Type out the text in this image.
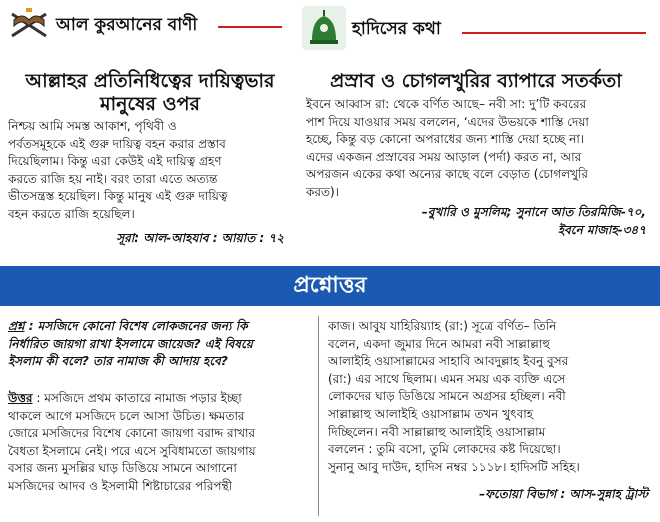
আল কুরআনের বাণী
আল্লাহর প্রতিনিধিত্বের দায়িত্বভার
মানুষের ওপর
নিশ্চয় আমি সমস্ত আকাশ, পৃথিবী ও
পর্বতসমূহকে এই গুরু দায়িত্ব বহন করার প্রস্তাব
দিয়েছিলাম। কিন্তু এরা কেউই এই দায়িত্ব গ্রহণ
করতে রাজি হয় নাই। বরং তারা এতে অত্যন্ত
ভীতসন্ত্রস্ত হয়েছিল। কিন্তু মানুষ এই গুরু দায়িত্ব
বহন করতে রাজি হয়েছিল।
সূরা: আল-আহযাব : আয়াত : ৭২
হাদিসের কথা
প্রস্রাব ও চোগলখুরির ব্যাপারে সতর্কতা
ইবনে আব্বাস রা: থেকে বর্ণিত আছে– নবী সা: দু’টি কবরের
পাশ দিয়ে যাওয়ার সময় বললেন, ‘এদের উভয়কে শাস্তি দেয়া
হচ্ছে, কিন্তু বড় কোনো অপরাধের জন্য শাস্তি দেয়া হচ্ছে না।
এদের একজন প্রস্রাবের সময় আড়াল (পর্দা) করত না, আর
অপরজন একের কথা অন্যের কাছে বলে বেড়াত (চোগলখুরি
করত)।
–বুখারি ও মুসলিম; সুনানে আত তিরমিজি-৭০,
ইবনে মাজাহ-৩৪৭
প্রশ্নোত্তর
প্রশ্ন : মসজিদে কোনো বিশেষ লোকজনের জন্য কি
নির্ধারিত জায়গা রাখা ইসলামে জায়েজ? এই বিষয়ে
ইসলাম কী বলে? তার নামাজ কী আদায় হবে?
উত্তর : মসজিদে প্রথম কাতারে নামাজ পড়ার ইচ্ছা
থাকলে আগে মসজিদে চলে আসা উচিত। ক্ষমতার
জোরে মসজিদের বিশেষ কোনো জায়গা বরাদ্দ রাখার
বৈধতা ইসলামে নেই। পরে এসে সুবিধামতো জায়গায়
বসার জন্য মুসল্লির ঘাড় ডিঙিয়ে সামনে আগানো
মসজিদের আদব ও ইসলামী শিষ্টাচারের পরিপন্থী
কাজ। আবুয যাহিরিয়্যাহ (রা:) সূত্রে বর্ণিত– তিনি
বলেন, একদা জুমার দিনে আমরা নবী সাল্লাল্লাহু
আলাইহি ওয়াসাল্লামের সাহাবি আবদুল্লাহ ইবনু বুসর
(রা:) এর সাথে ছিলাম। এমন সময় এক ব্যক্তি এসে
লোকদের ঘাড় ডিঙিয়ে সামনে অগ্রসর হচ্ছিল। নবী
সাল্লাল্লাহু আলাইহি ওয়াসাল্লাম তখন খুৎবাহ
দিচ্ছিলেন। নবী সাল্লাল্লাহু আলাইহি ওয়াসাল্লাম
বললেন : তুমি বসো, তুমি লোকদের কষ্ট দিয়েছো।
সুনানু আবু দাউদ, হাদিস নম্বর ১১১৮। হাদিসটি সহিহ।
–ফতোয়া বিভাগ : আস-সুন্নাহ ট্রাস্ট
